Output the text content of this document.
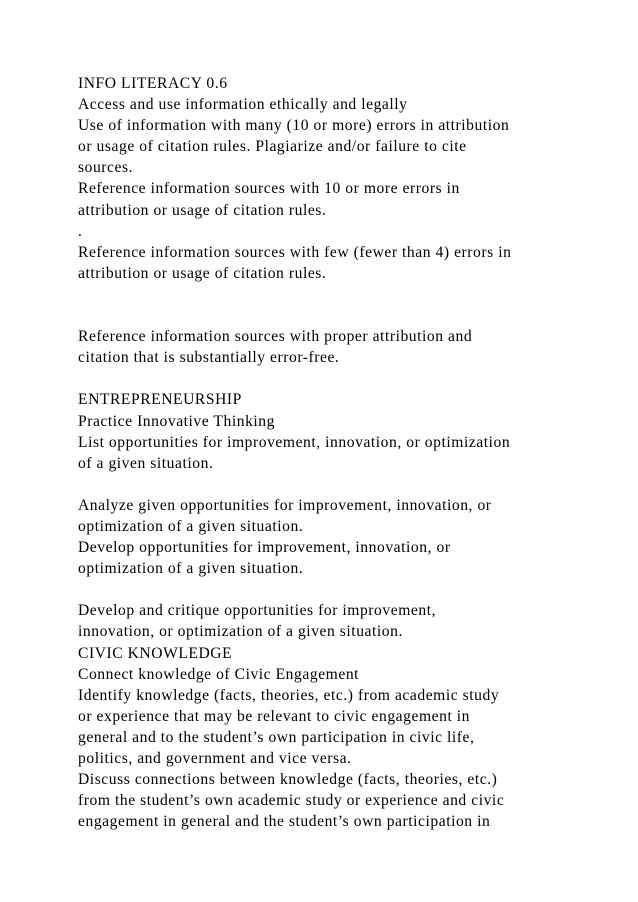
INFO LITERACY 0.6
Access and use information ethically and legally
Use of information with many (10 or more) errors in attribution
or usage of citation rules. Plagiarize and/or failure to cite
sources.
Reference information sources with 10 or more errors in
attribution or usage of citation rules.
.
Reference information sources with few (fewer than 4) errors in
attribution or usage of citation rules.
Reference information sources with proper attribution and
citation that is substantially error-free.
ENTREPRENEURSHIP
Practice Innovative Thinking
List opportunities for improvement, innovation, or optimization
of a given situation.
Analyze given opportunities for improvement, innovation, or
optimization of a given situation.
Develop opportunities for improvement, innovation, or
optimization of a given situation.
Develop and critique opportunities for improvement,
innovation, or optimization of a given situation.
CIVIC KNOWLEDGE
Connect knowledge of Civic Engagement
Identify knowledge (facts, theories, etc.) from academic study
or experience that may be relevant to civic engagement in
general and to the student’s own participation in civic life,
politics, and government and vice versa.
Discuss connections between knowledge (facts, theories, etc.)
from the student’s own academic study or experience and civic
engagement in general and the student’s own participation in
